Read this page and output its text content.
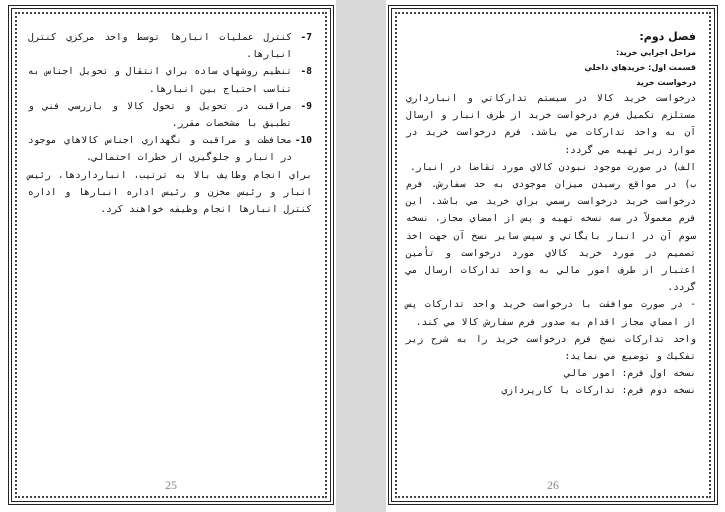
7-
كنترل عمليات انبارها توسط واحد مركزي كنترل انبارها.

8-
تنظيم روشهاي ساده براي انتقال و تحويل اجناس به تناسب احتياج بين انبارها.

9-
مراقبت در تحويل و تحول كالا و بازرسي فني و تطبيق با مشخصات مقرر.

10-
محافظت و مراقبت و نگهداري اجناس كالاهاي موجود در انبار و جلوگيري از خطرات احتمالي.

براي انجام وظايف بالا به ترتيب، انبارداردها، رئيس انبار و رئيس مخزن و رئيس اداره انبارها و اداره كنترل انبارها انجام وظيفه خواهند كرد.

25

فصل دوم:

مراحل اجرايي خريد:

قسمت اول: خريدهاي داخلي

درخواست خريد

درخواست خريد كالا در سيستم تداركاتي و انبارداري مستلزم تكميل فرم درخواست خريد از طرف انبار و ارسال آن به واحد تداركات مي باشد. فرم درخواست خريد در موارد زير تهيه مي گردد:

الف) در صورت موجود نبودن كالاي مورد تقاضا در انبار.

ب) در مواقع رسيدن ميزان موجودي به حد سفارش. فرم درخواست خريد درخواست رسمي براي خريد مي باشد. اين فرم معمولاً در سه نسخه تهيه و پس از امضاي مجاز، نسخه سوم آن در انبار بايگاني و سپس ساير نسخ آن جهت اخذ تصميم در مورد خريد كالاي مورد درخواست و تأمين اعتبار از طرف امور مالي به واحد تداركات ارسال مي گردد.

- در صورت موافقت با درخواست خريد واحد تداركات پس از امضاي مجاز اقدام به صدور فرم سفارش كالا مي كند.

واحد تداركات نسخ فرم درخواست خريد را به شرح زير تفكيك و توضيع مي نمايد:

نسخه اول فرم: امور مالي

نسخه دوم فرم: تداركات يا كارپردازي

26
